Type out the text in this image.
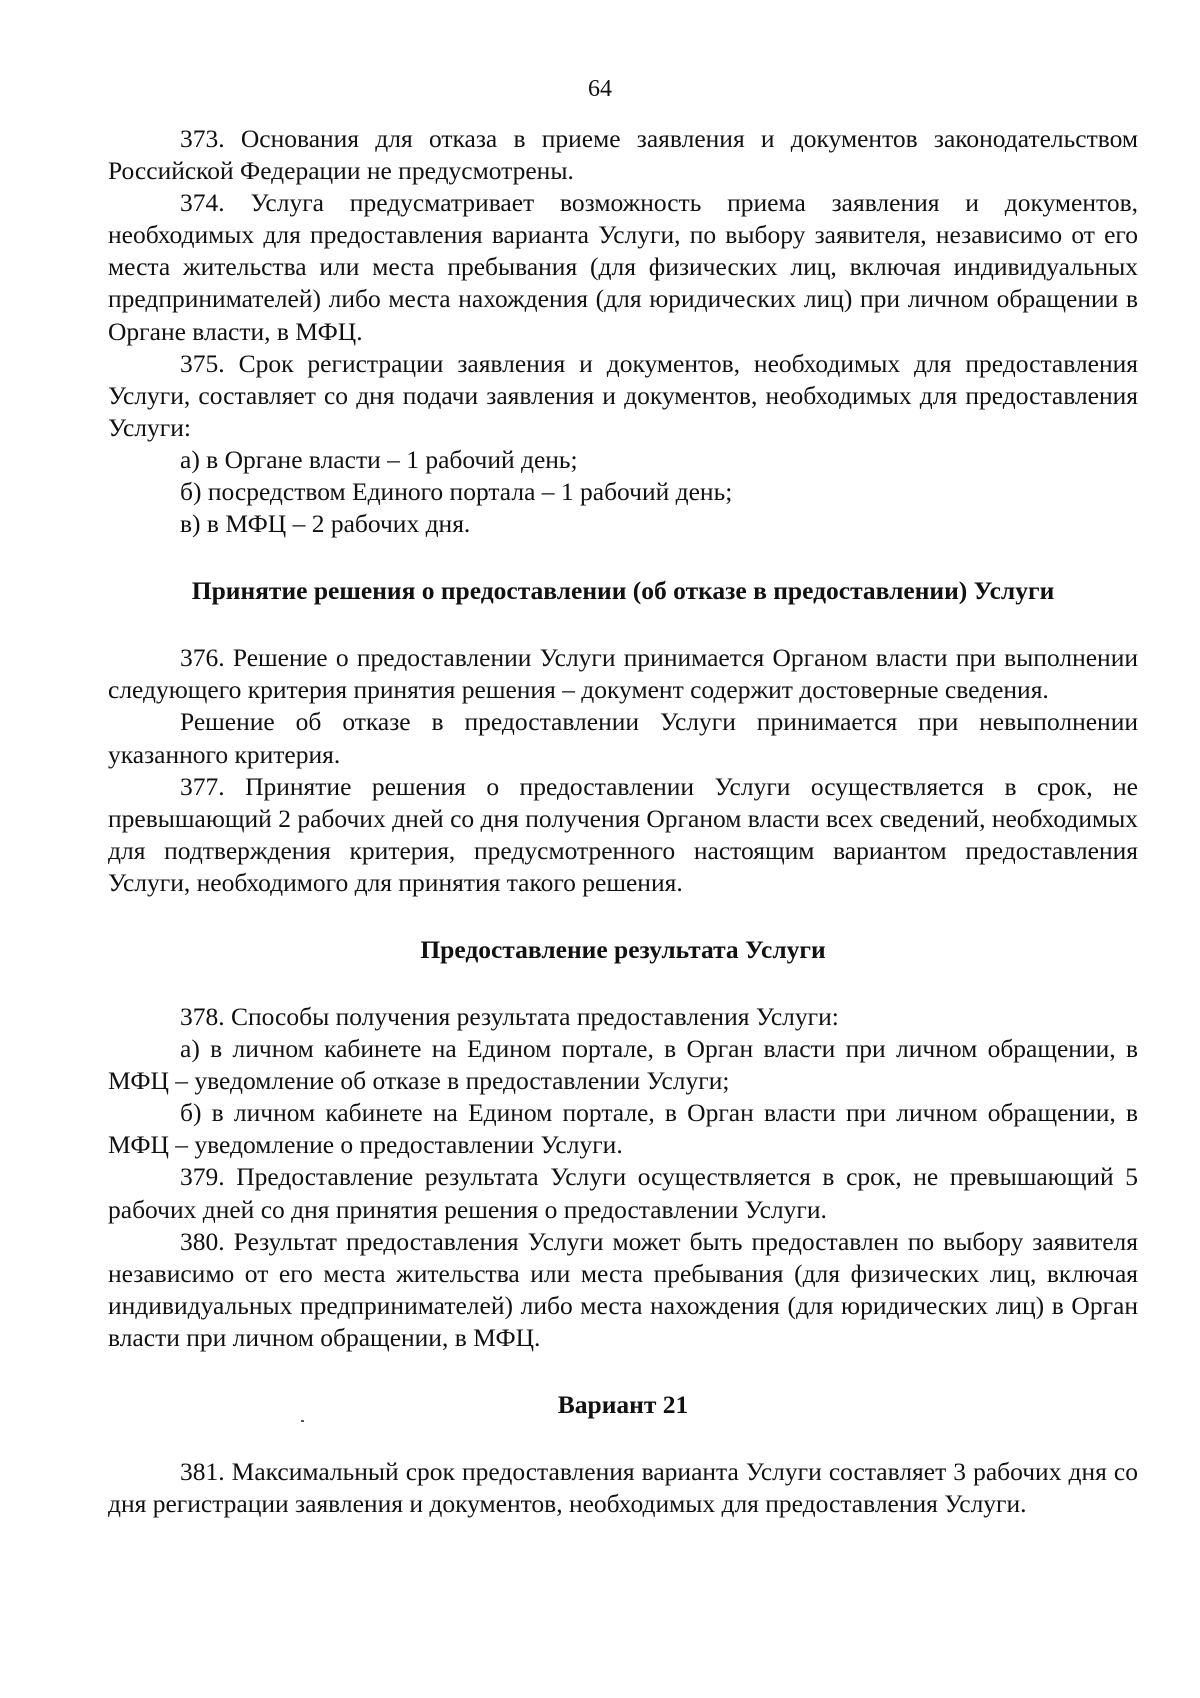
64

373. Основания для отказа в приеме заявления и документов законодательством Российской Федерации не предусмотрены.

374. Услуга предусматривает возможность приема заявления и документов, необходимых для предоставления варианта Услуги, по выбору заявителя, независимо от его места жительства или места пребывания (для физических лиц, включая индивидуальных предпринимателей) либо места нахождения (для юридических лиц) при личном обращении в Органе власти, в МФЦ.

375. Срок регистрации заявления и документов, необходимых для предоставления Услуги, составляет со дня подачи заявления и документов, необходимых для предоставления Услуги:

а) в Органе власти – 1 рабочий день;

б) посредством Единого портала – 1 рабочий день;

в) в МФЦ – 2 рабочих дня.

Принятие решения о предоставлении (об отказе в предоставлении) Услуги

376. Решение о предоставлении Услуги принимается Органом власти при выполнении следующего критерия принятия решения – документ содержит достоверные сведения.

Решение об отказе в предоставлении Услуги принимается при невыполнении указанного критерия.

377. Принятие решения о предоставлении Услуги осуществляется в срок, не превышающий 2 рабочих дней со дня получения Органом власти всех сведений, необходимых для подтверждения критерия, предусмотренного настоящим вариантом предоставления Услуги, необходимого для принятия такого решения.

Предоставление результата Услуги

378. Способы получения результата предоставления Услуги:

а) в личном кабинете на Едином портале, в Орган власти при личном обращении, в МФЦ – уведомление об отказе в предоставлении Услуги;

б) в личном кабинете на Едином портале, в Орган власти при личном обращении, в МФЦ – уведомление о предоставлении Услуги.

379. Предоставление результата Услуги осуществляется в срок, не превышающий 5 рабочих дней со дня принятия решения о предоставлении Услуги.

380. Результат предоставления Услуги может быть предоставлен по выбору заявителя независимо от его места жительства или места пребывания (для физических лиц, включая индивидуальных предпринимателей) либо места нахождения (для юридических лиц) в Орган власти при личном обращении, в МФЦ.

Вариант 21

381. Максимальный срок предоставления варианта Услуги составляет 3 рабочих дня со дня регистрации заявления и документов, необходимых для предоставления Услуги.
